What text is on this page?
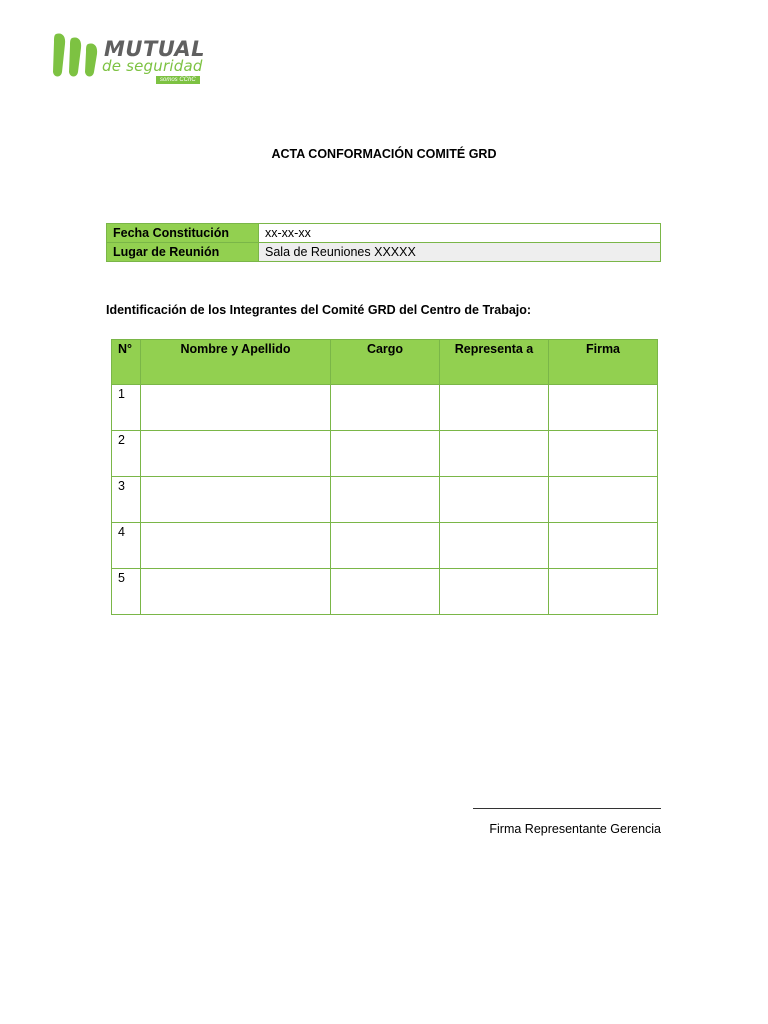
MUTUAL
de seguridad
somos CChC
ACTA CONFORMACIÓN COMITÉ GRD
Fecha Constitución	xx-xx-xx
Lugar de Reunión	Sala de Reuniones XXXXX
Identificación de los Integrantes del Comité GRD del Centro de Trabajo:
N°	Nombre y Apellido	Cargo	Representa a	Firma
1				
2				
3				
4				
5				
Firma Representante Gerencia
